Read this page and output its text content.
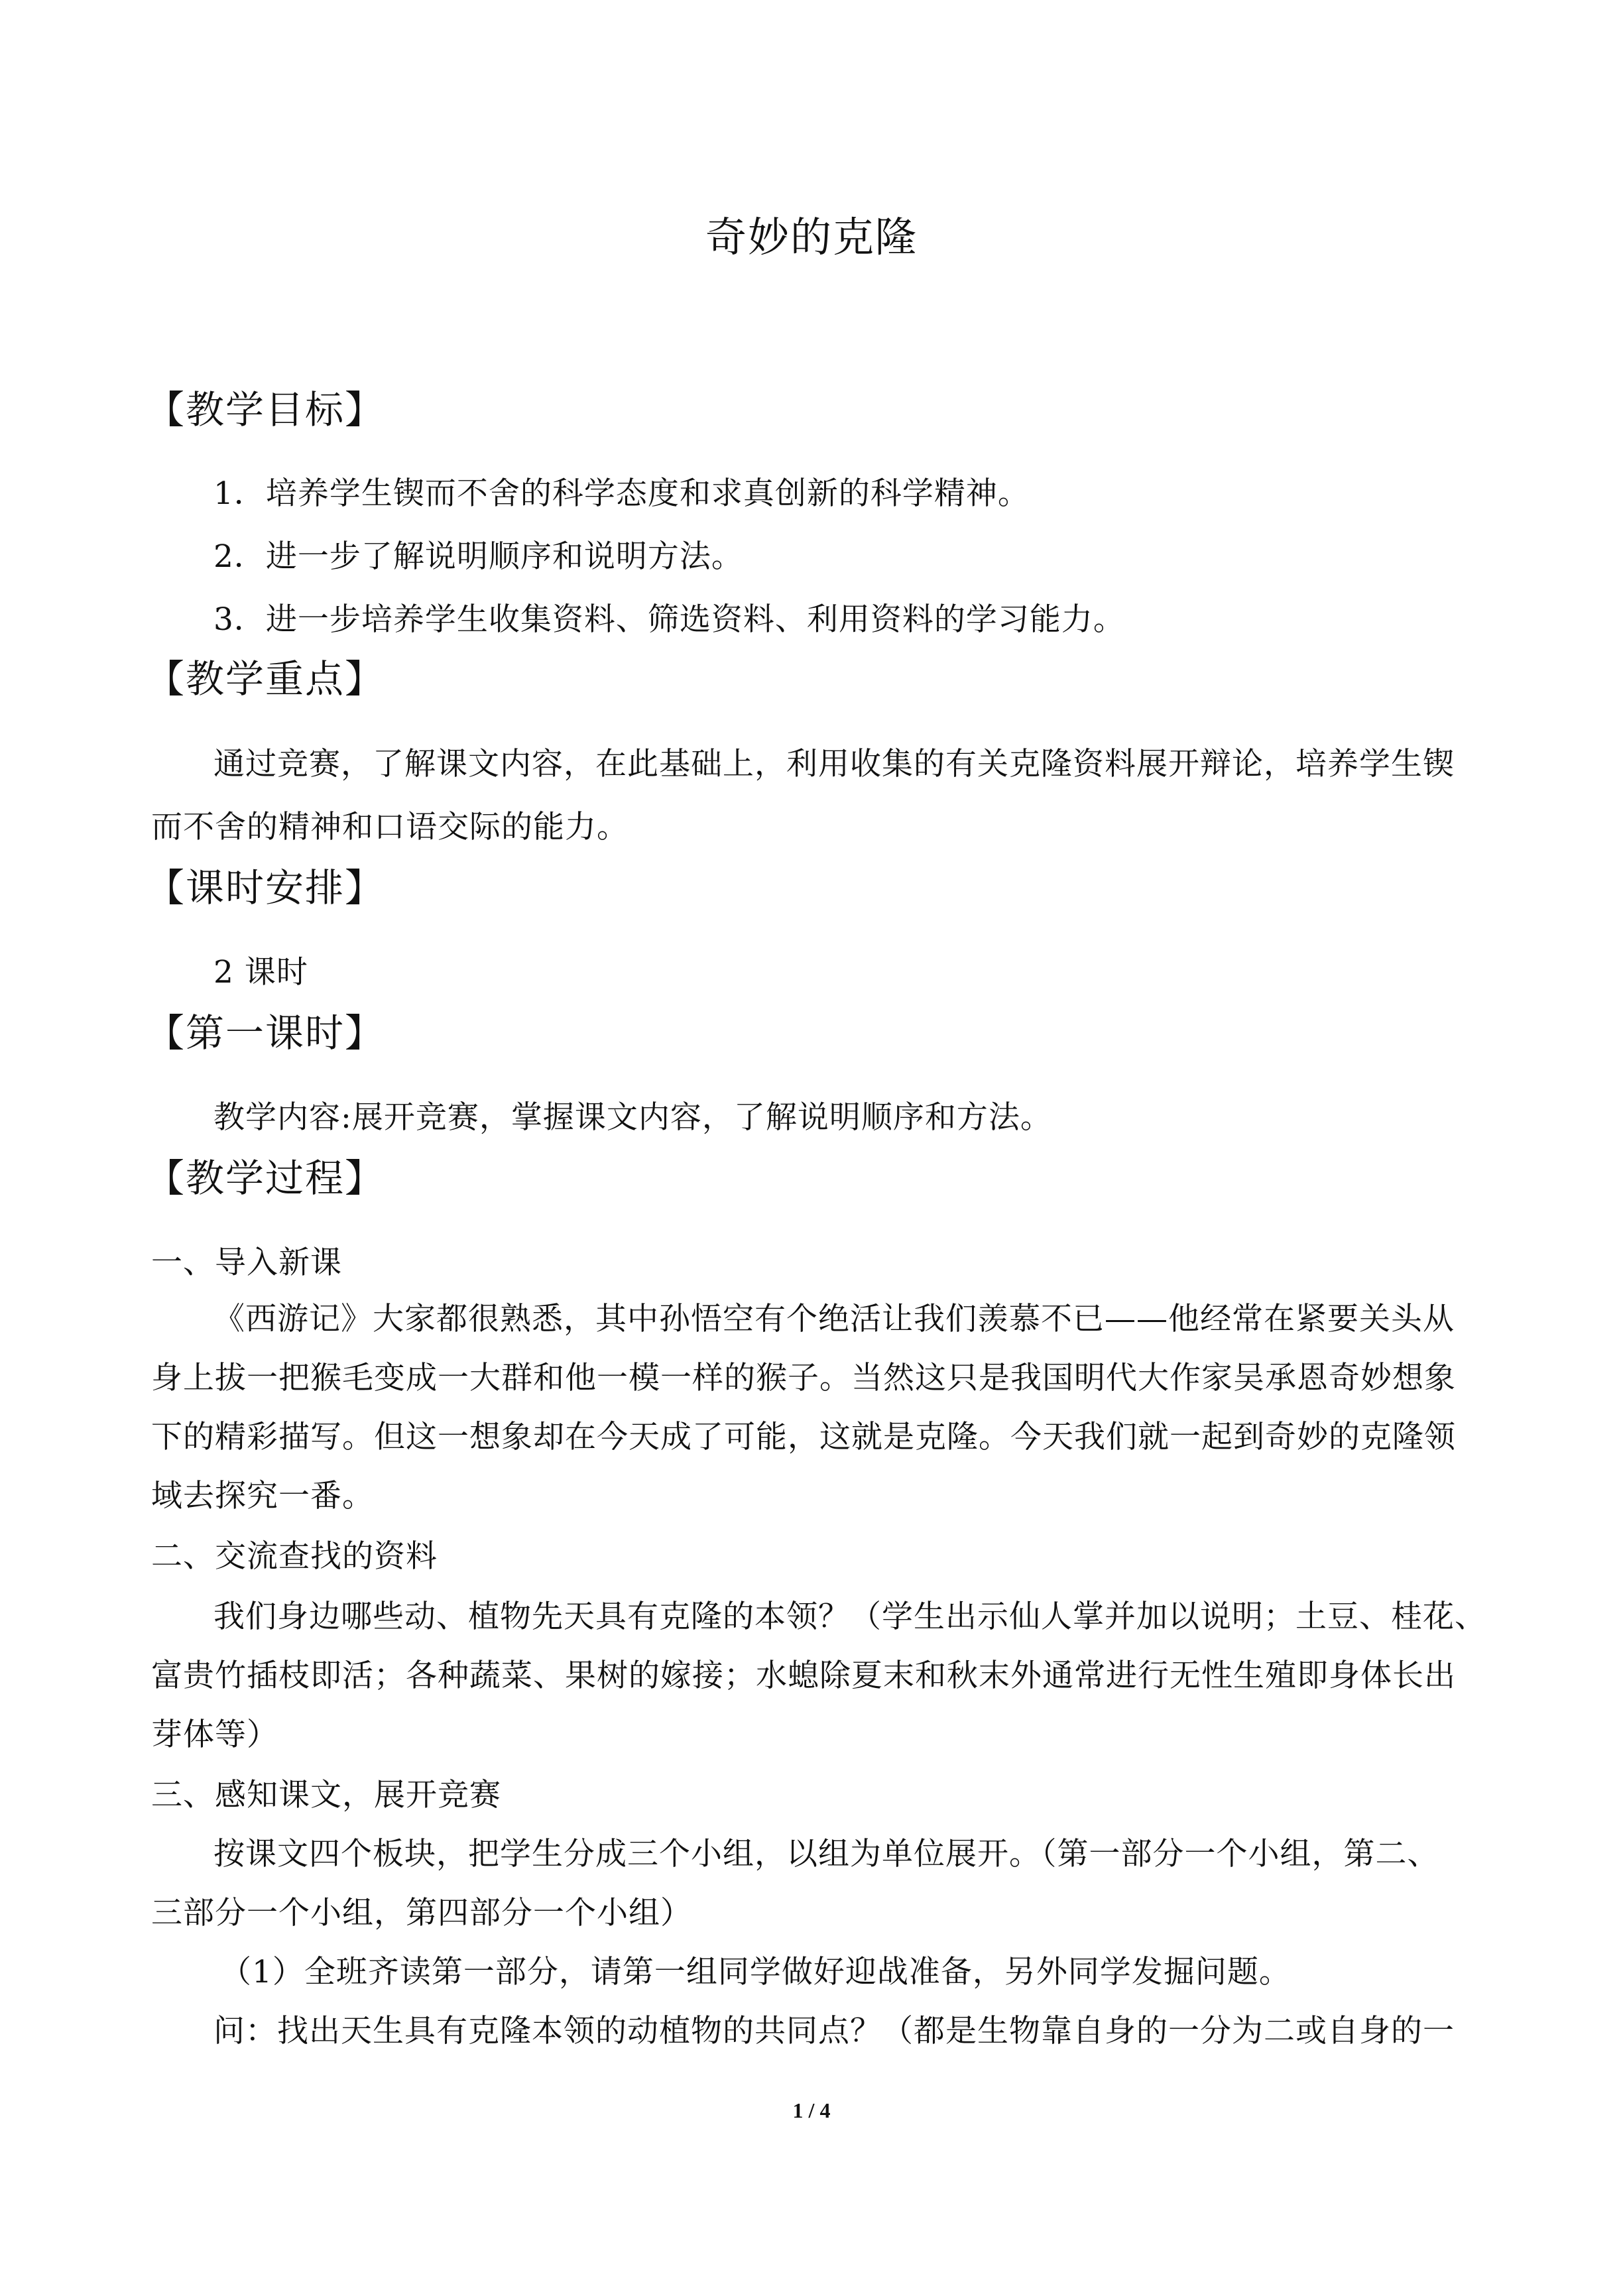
奇妙的克隆
【教学目标】
1．培养学生锲而不舍的科学态度和求真创新的科学精神。
2．进一步了解说明顺序和说明方法。
3．进一步培养学生收集资料、筛选资料、利用资料的学习能力。
【教学重点】
通过竞赛，了解课文内容，在此基础上，利用收集的有关克隆资料展开辩论，培养学生锲
而不舍的精神和口语交际的能力。
【课时安排】
2 课时
【第一课时】
教学内容:展开竞赛，掌握课文内容，了解说明顺序和方法。
【教学过程】
一、导入新课
《西游记》大家都很熟悉，其中孙悟空有个绝活让我们羡慕不已——他经常在紧要关头从
身上拔一把猴毛变成一大群和他一模一样的猴子。当然这只是我国明代大作家吴承恩奇妙想象
下的精彩描写。但这一想象却在今天成了可能，这就是克隆。今天我们就一起到奇妙的克隆领
域去探究一番。
二、交流查找的资料
我们身边哪些动、植物先天具有克隆的本领？（学生出示仙人掌并加以说明；土豆、桂花、
富贵竹插枝即活；各种蔬菜、果树的嫁接；水螅除夏末和秋末外通常进行无性生殖即身体长出
芽体等）
三、感知课文，展开竞赛
按课文四个板块，把学生分成三个小组，以组为单位展开。（第一部分一个小组，第二、
三部分一个小组，第四部分一个小组）
（1）全班齐读第一部分，请第一组同学做好迎战准备，另外同学发掘问题。
问：找出天生具有克隆本领的动植物的共同点？（都是生物靠自身的一分为二或自身的一
1 / 4
